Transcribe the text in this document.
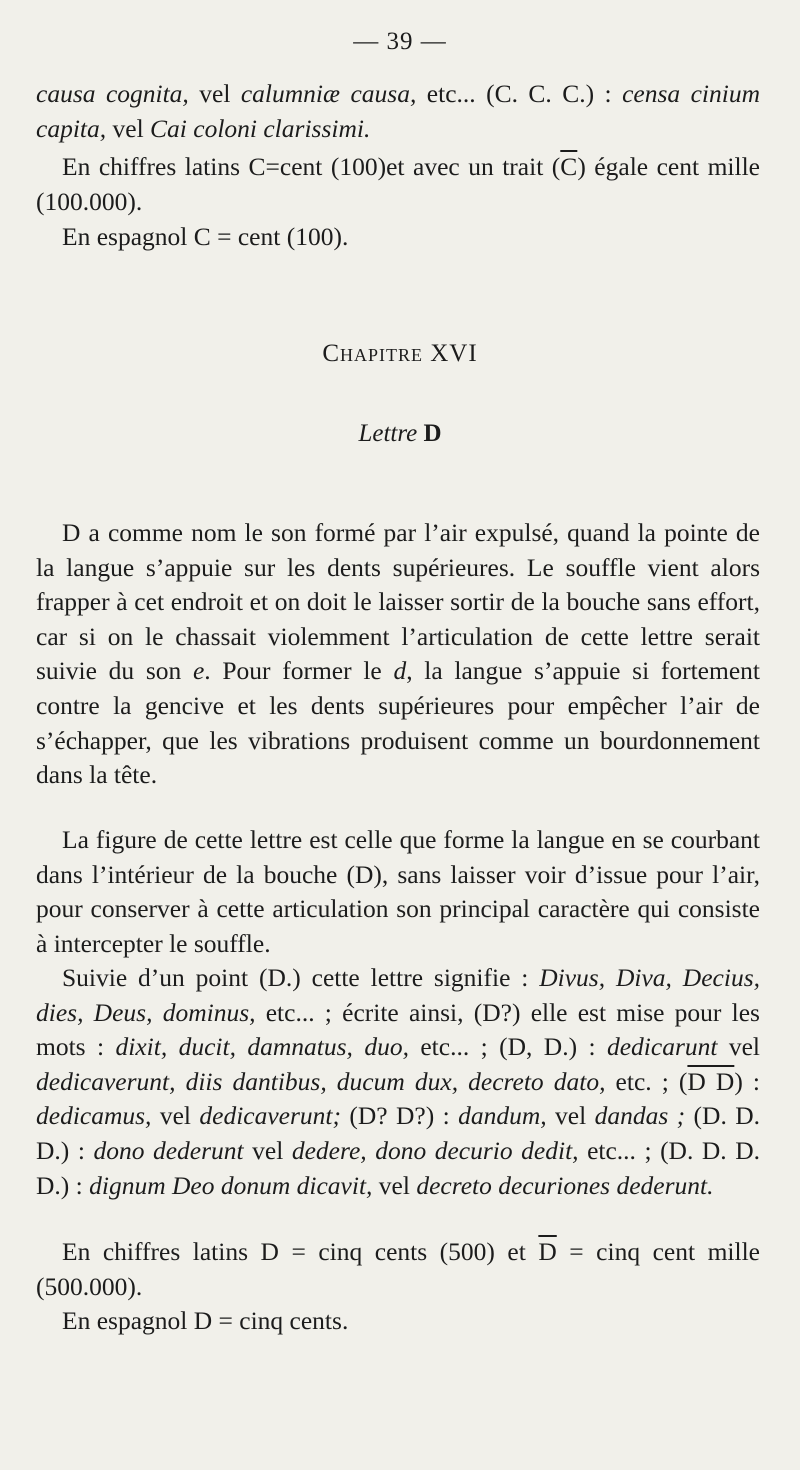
— 39 —

causa cognita, vel calumniæ causa, etc... (C. C. C.) : censa cinium capita, vel Cai coloni clarissimi.

En chiffres latins C=cent (100)et avec un trait $(\overline{C})$ égale cent mille (100.000).

En espagnol C = cent (100).

Chapitre XVI
Lettre D

D a comme nom le son formé par l’air expulsé, quand la pointe de la langue s’appuie sur les dents supérieures. Le souffle vient alors frapper à cet endroit et on doit le laisser sortir de la bouche sans effort, car si on le chassait violemment l’articulation de cette lettre serait suivie du son e. Pour former le d, la langue s’appuie si fortement contre la gencive et les dents supérieures pour empêcher l’air de s’échapper, que les vibrations produisent comme un bourdonnement dans la tête.

La figure de cette lettre est celle que forme la langue en se courbant dans l’intérieur de la bouche (D), sans laisser voir d’issue pour l’air, pour conserver à cette articulation son principal caractère qui consiste à intercepter le souffle.

Suivie d’un point (D.) cette lettre signifie : Divus, Diva, Decius, dies, Deus, dominus, etc... ; écrite ainsi, (D?) elle est mise pour les mots : dixit, ducit, damnatus, duo, etc... ; (D, D.) : dedicarunt vel dedicaverunt, diis dantibus, ducum dux, decreto dato, etc. ; (D D) : dedicamus, vel dedicaverunt; (D? D?) : dandum, vel dandas ; (D. D. D.) : dono dederunt vel dedere, dono decurio dedit, etc... ; (D. D. D. D.) : dignum Deo donum dicavit, vel decreto decuriones dederunt.

En chiffres latins D = cinq cents (500) et $\overline{D}$ = cinq cent mille (500.000).

En espagnol D = cinq cents.
